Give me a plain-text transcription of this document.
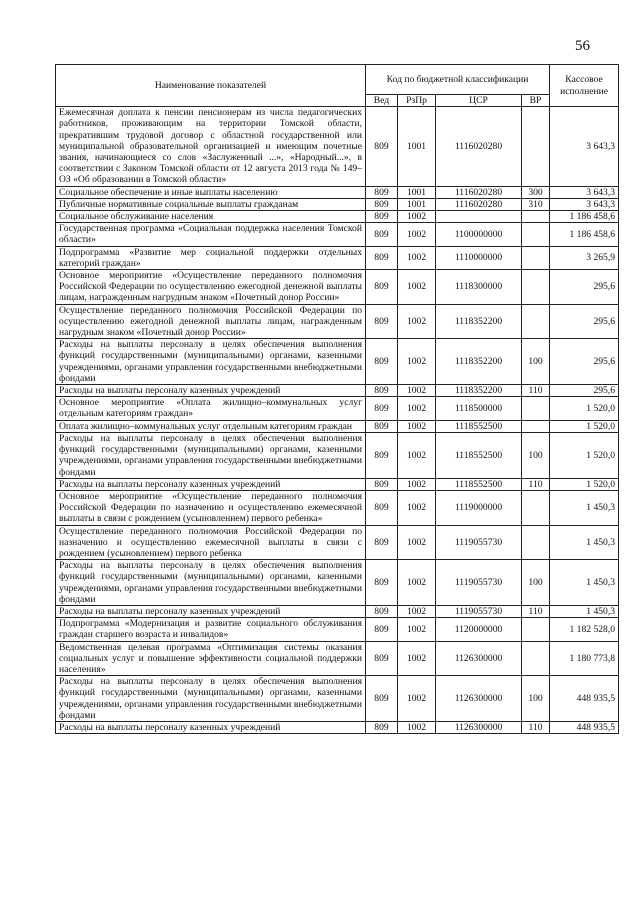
56
Наименование показателей	Код по бюджетной классификации				Кассовое исполнение
	Вед	РзПр	ЦСР	ВР	
Ежемесячная доплата к пенсии пенсионерам из числа педагогических работников, проживающим на территории Томской области, прекратившим трудовой договор с областной государственной или муниципальной образовательной организацией и имеющим почетные звания, начинающиеся со слов «Заслуженный ...», «Народный...», в соответствии с Законом Томской области от 12 августа 2013 года № 149–ОЗ «Об образовании в Томской области»	809	1001	1116020280		3 643,3
Социальное обеспечение и иные выплаты населению	809	1001	1116020280	300	3 643,3
Публичные нормативные социальные выплаты гражданам	809	1001	1116020280	310	3 643,3
Социальное обслуживание населения	809	1002			1 186 458,6
Государственная программа «Социальная поддержка населения Томской области»	809	1002	1100000000		1 186 458,6
Подпрограмма «Развитие мер социальной поддержки отдельных категорий граждан»	809	1002	1110000000		3 265,9
Основное мероприятие «Осуществление переданного полномочия Российской Федерации по осуществлению ежегодной денежной выплаты лицам, награжденным нагрудным знаком «Почетный донор России»	809	1002	1118300000		295,6
Осуществление переданного полномочия Российской Федерации по осуществлению ежегодной денежной выплаты лицам, награжденным нагрудным знаком «Почетный донор России»	809	1002	1118352200		295,6
Расходы на выплаты персоналу в целях обеспечения выполнения функций государственными (муниципальными) органами, казенными учреждениями, органами управления государственными внебюджетными фондами	809	1002	1118352200	100	295,6
Расходы на выплаты персоналу казенных учреждений	809	1002	1118352200	110	295,6
Основное мероприятие «Оплата жилищно–коммунальных услуг отдельным категориям граждан»	809	1002	1118500000		1 520,0
Оплата жилищно–коммунальных услуг отдельным категориям граждан	809	1002	1118552500		1 520,0
Расходы на выплаты персоналу в целях обеспечения выполнения функций государственными (муниципальными) органами, казенными учреждениями, органами управления государственными внебюджетными фондами	809	1002	1118552500	100	1 520,0
Расходы на выплаты персоналу казенных учреждений	809	1002	1118552500	110	1 520,0
Основное мероприятие «Осуществление переданного полномочия Российской Федерации по назначению и осуществлению ежемесячной выплаты в связи с рождением (усыновлением) первого ребенка»	809	1002	1119000000		1 450,3
Осуществление переданного полномочия Российской Федерации по назначению и осуществлению ежемесячной выплаты в связи с рождением (усыновлением) первого ребенка	809	1002	1119055730		1 450,3
Расходы на выплаты персоналу в целях обеспечения выполнения функций государственными (муниципальными) органами, казенными учреждениями, органами управления государственными внебюджетными фондами	809	1002	1119055730	100	1 450,3
Расходы на выплаты персоналу казенных учреждений	809	1002	1119055730	110	1 450,3
Подпрограмма «Модернизация и развитие социального обслуживания граждан старшего возраста и инвалидов»	809	1002	1120000000		1 182 528,0
Ведомственная целевая программа «Оптимизация системы оказания социальных услуг и повышение эффективности социальной поддержки населения»	809	1002	1126300000		1 180 773,8
Расходы на выплаты персоналу в целях обеспечения выполнения функций государственными (муниципальными) органами, казенными учреждениями, органами управления государственными внебюджетными фондами	809	1002	1126300000	100	448 935,5
Расходы на выплаты персоналу казенных учреждений	809	1002	1126300000	110	448 935,5
